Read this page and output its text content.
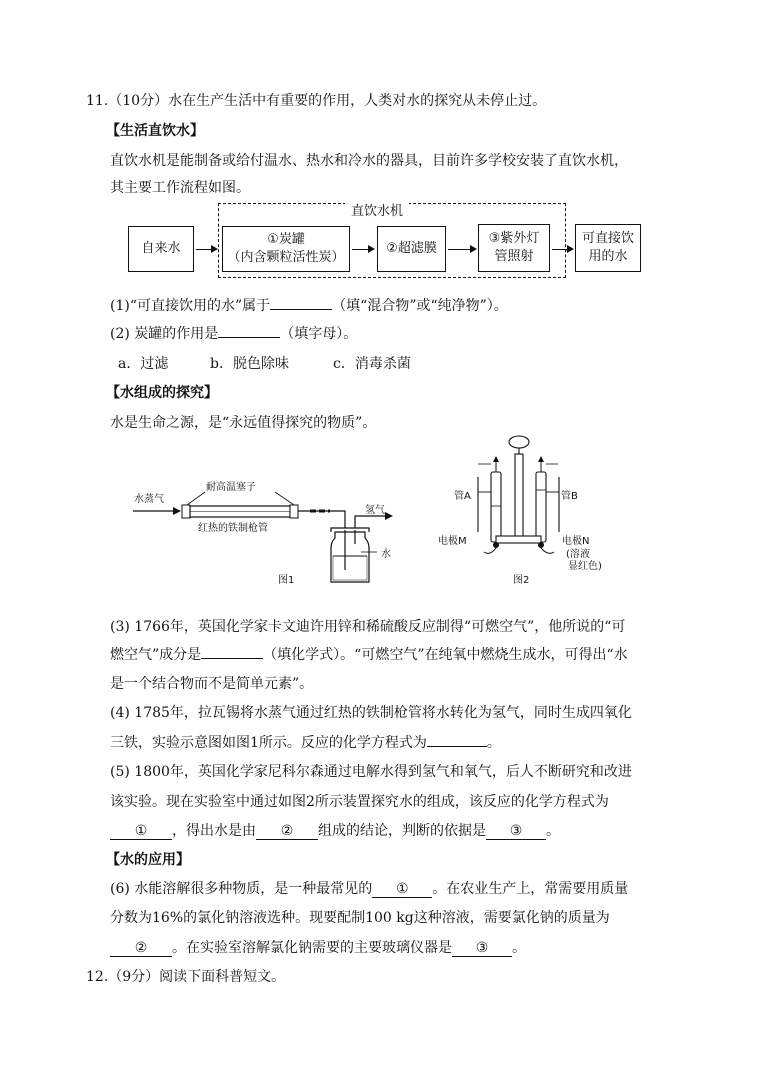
11.（10分）水在生产生活中有重要的作用，人类对水的探究从未停止过。
【生活直饮水】
直饮水机是能制备或给付温水、热水和冷水的器具，目前许多学校安装了直饮水机，
其主要工作流程如图。
直饮水机
自来水
①炭罐
（内含颗粒活性炭）
②超滤膜
③紫外灯
管照射
可直接饮
用的水
(1)“可直接饮用的水”属于	（填“混合物”或“纯净物”）。
(2) 炭罐的作用是	（填字母）。
a．过滤	b．脱色除味	c．消毒杀菌
【水组成的探究】
水是生命之源，是“永远值得探究的物质”。
水蒸气
耐高温塞子
红热的铁制枪管
氢气
水
图1
管A	管B
电极M	电极N
(溶液
显红色)
图2
(3) 1766年，英国化学家卡文迪许用锌和稀硫酸反应制得“可燃空气”，他所说的“可
燃空气”成分是	（填化学式）。“可燃空气”在纯氧中燃烧生成水，可得出“水
是一个结合物而不是简单元素”。
(4) 1785年，拉瓦锡将水蒸气通过红热的铁制枪管将水转化为氢气，同时生成四氧化
三铁，实验示意图如图1所示。反应的化学方程式为	。
(5) 1800年，英国化学家尼科尔森通过电解水得到氢气和氧气，后人不断研究和改进
该实验。现在实验室中通过如图2所示装置探究水的组成，该反应的化学方程式为
① ，得出水是由 ② 组成的结论，判断的依据是 ③ 。
【水的应用】
(6) 水能溶解很多种物质，是一种最常见的 ① 。在农业生产上，常需要用质量
分数为16%的氯化钠溶液选种。现要配制100 kg这种溶液，需要氯化钠的质量为
② 。在实验室溶解氯化钠需要的主要玻璃仪器是 ③ 。
12.（9分）阅读下面科普短文。
